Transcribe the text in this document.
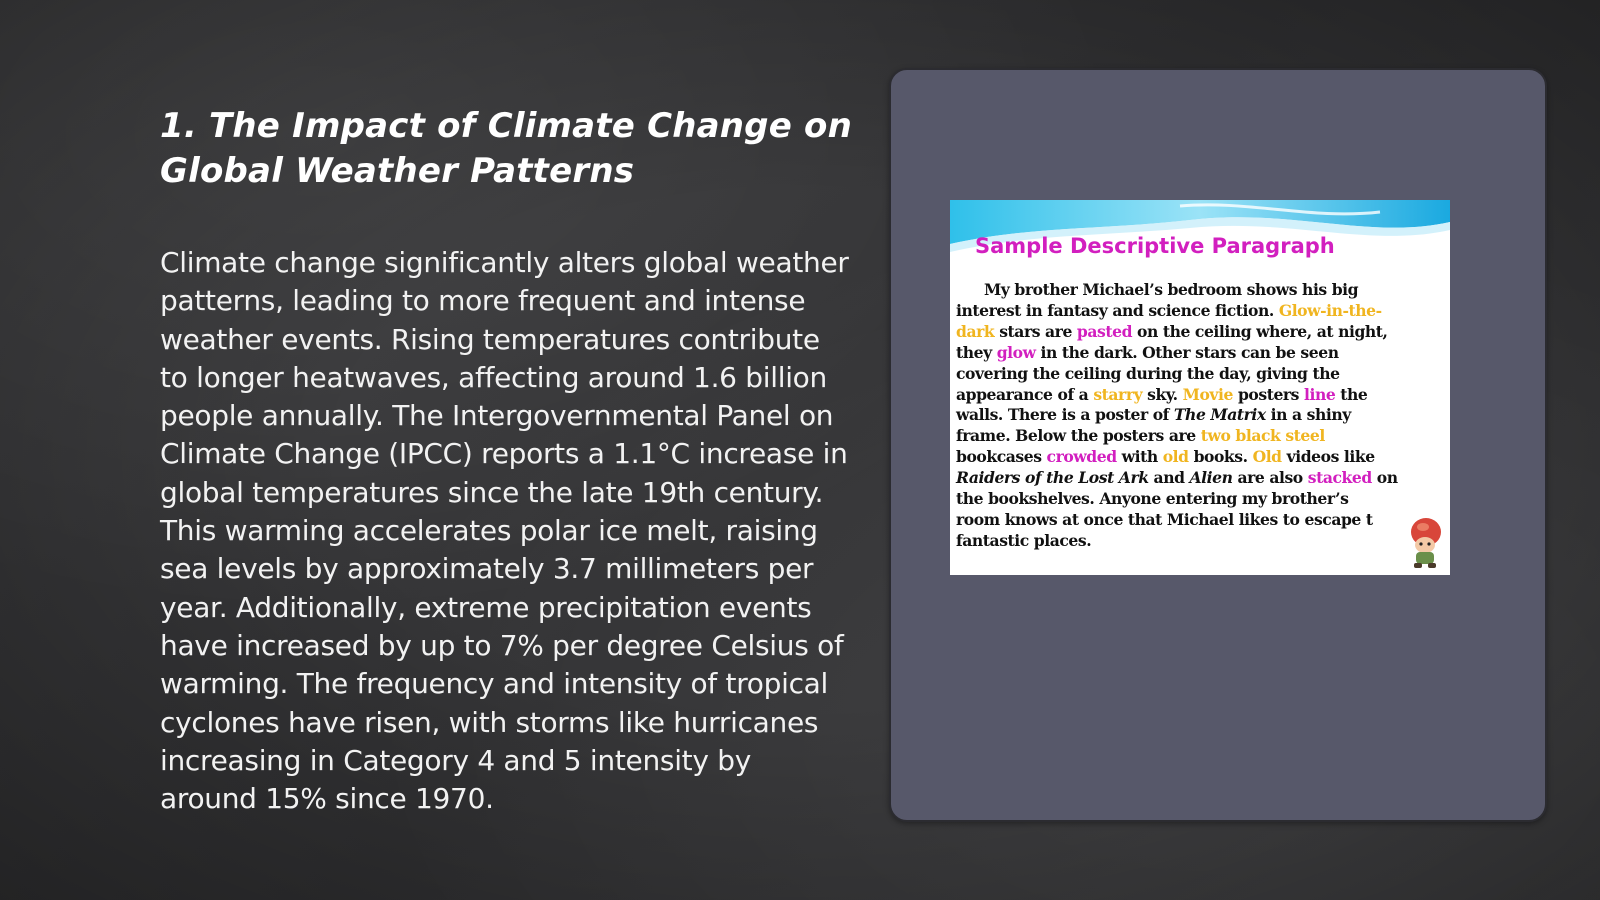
1. The Impact of Climate Change on Global Weather Patterns

Climate change significantly alters global weather patterns, leading to more frequent and intense weather events. Rising temperatures contribute to longer heatwaves, affecting around 1.6 billion people annually. The Intergovernmental Panel on Climate Change (IPCC) reports a 1.1°C increase in global temperatures since the late 19th century. This warming accelerates polar ice melt, raising sea levels by approximately 3.7 millimeters per year. Additionally, extreme precipitation events have increased by up to 7% per degree Celsius of warming. The frequency and intensity of tropical cyclones have risen, with storms like hurricanes increasing in Category 4 and 5 intensity by around 15% since 1970.

Sample Descriptive Paragraph
My brother Michael’s bedroom shows his big
interest in fantasy and science fiction. Glow-in-the-
dark stars are pasted on the ceiling where, at night,
they glow in the dark. Other stars can be seen
covering the ceiling during the day, giving the
appearance of a starry sky. Movie posters line the
walls. There is a poster of The Matrix in a shiny
frame. Below the posters are two black steel
bookcases crowded with old books. Old videos like
Raiders of the Lost Ark and Alien are also stacked on
the bookshelves. Anyone entering my brother’s
room knows at once that Michael likes to escape t
fantastic places.
